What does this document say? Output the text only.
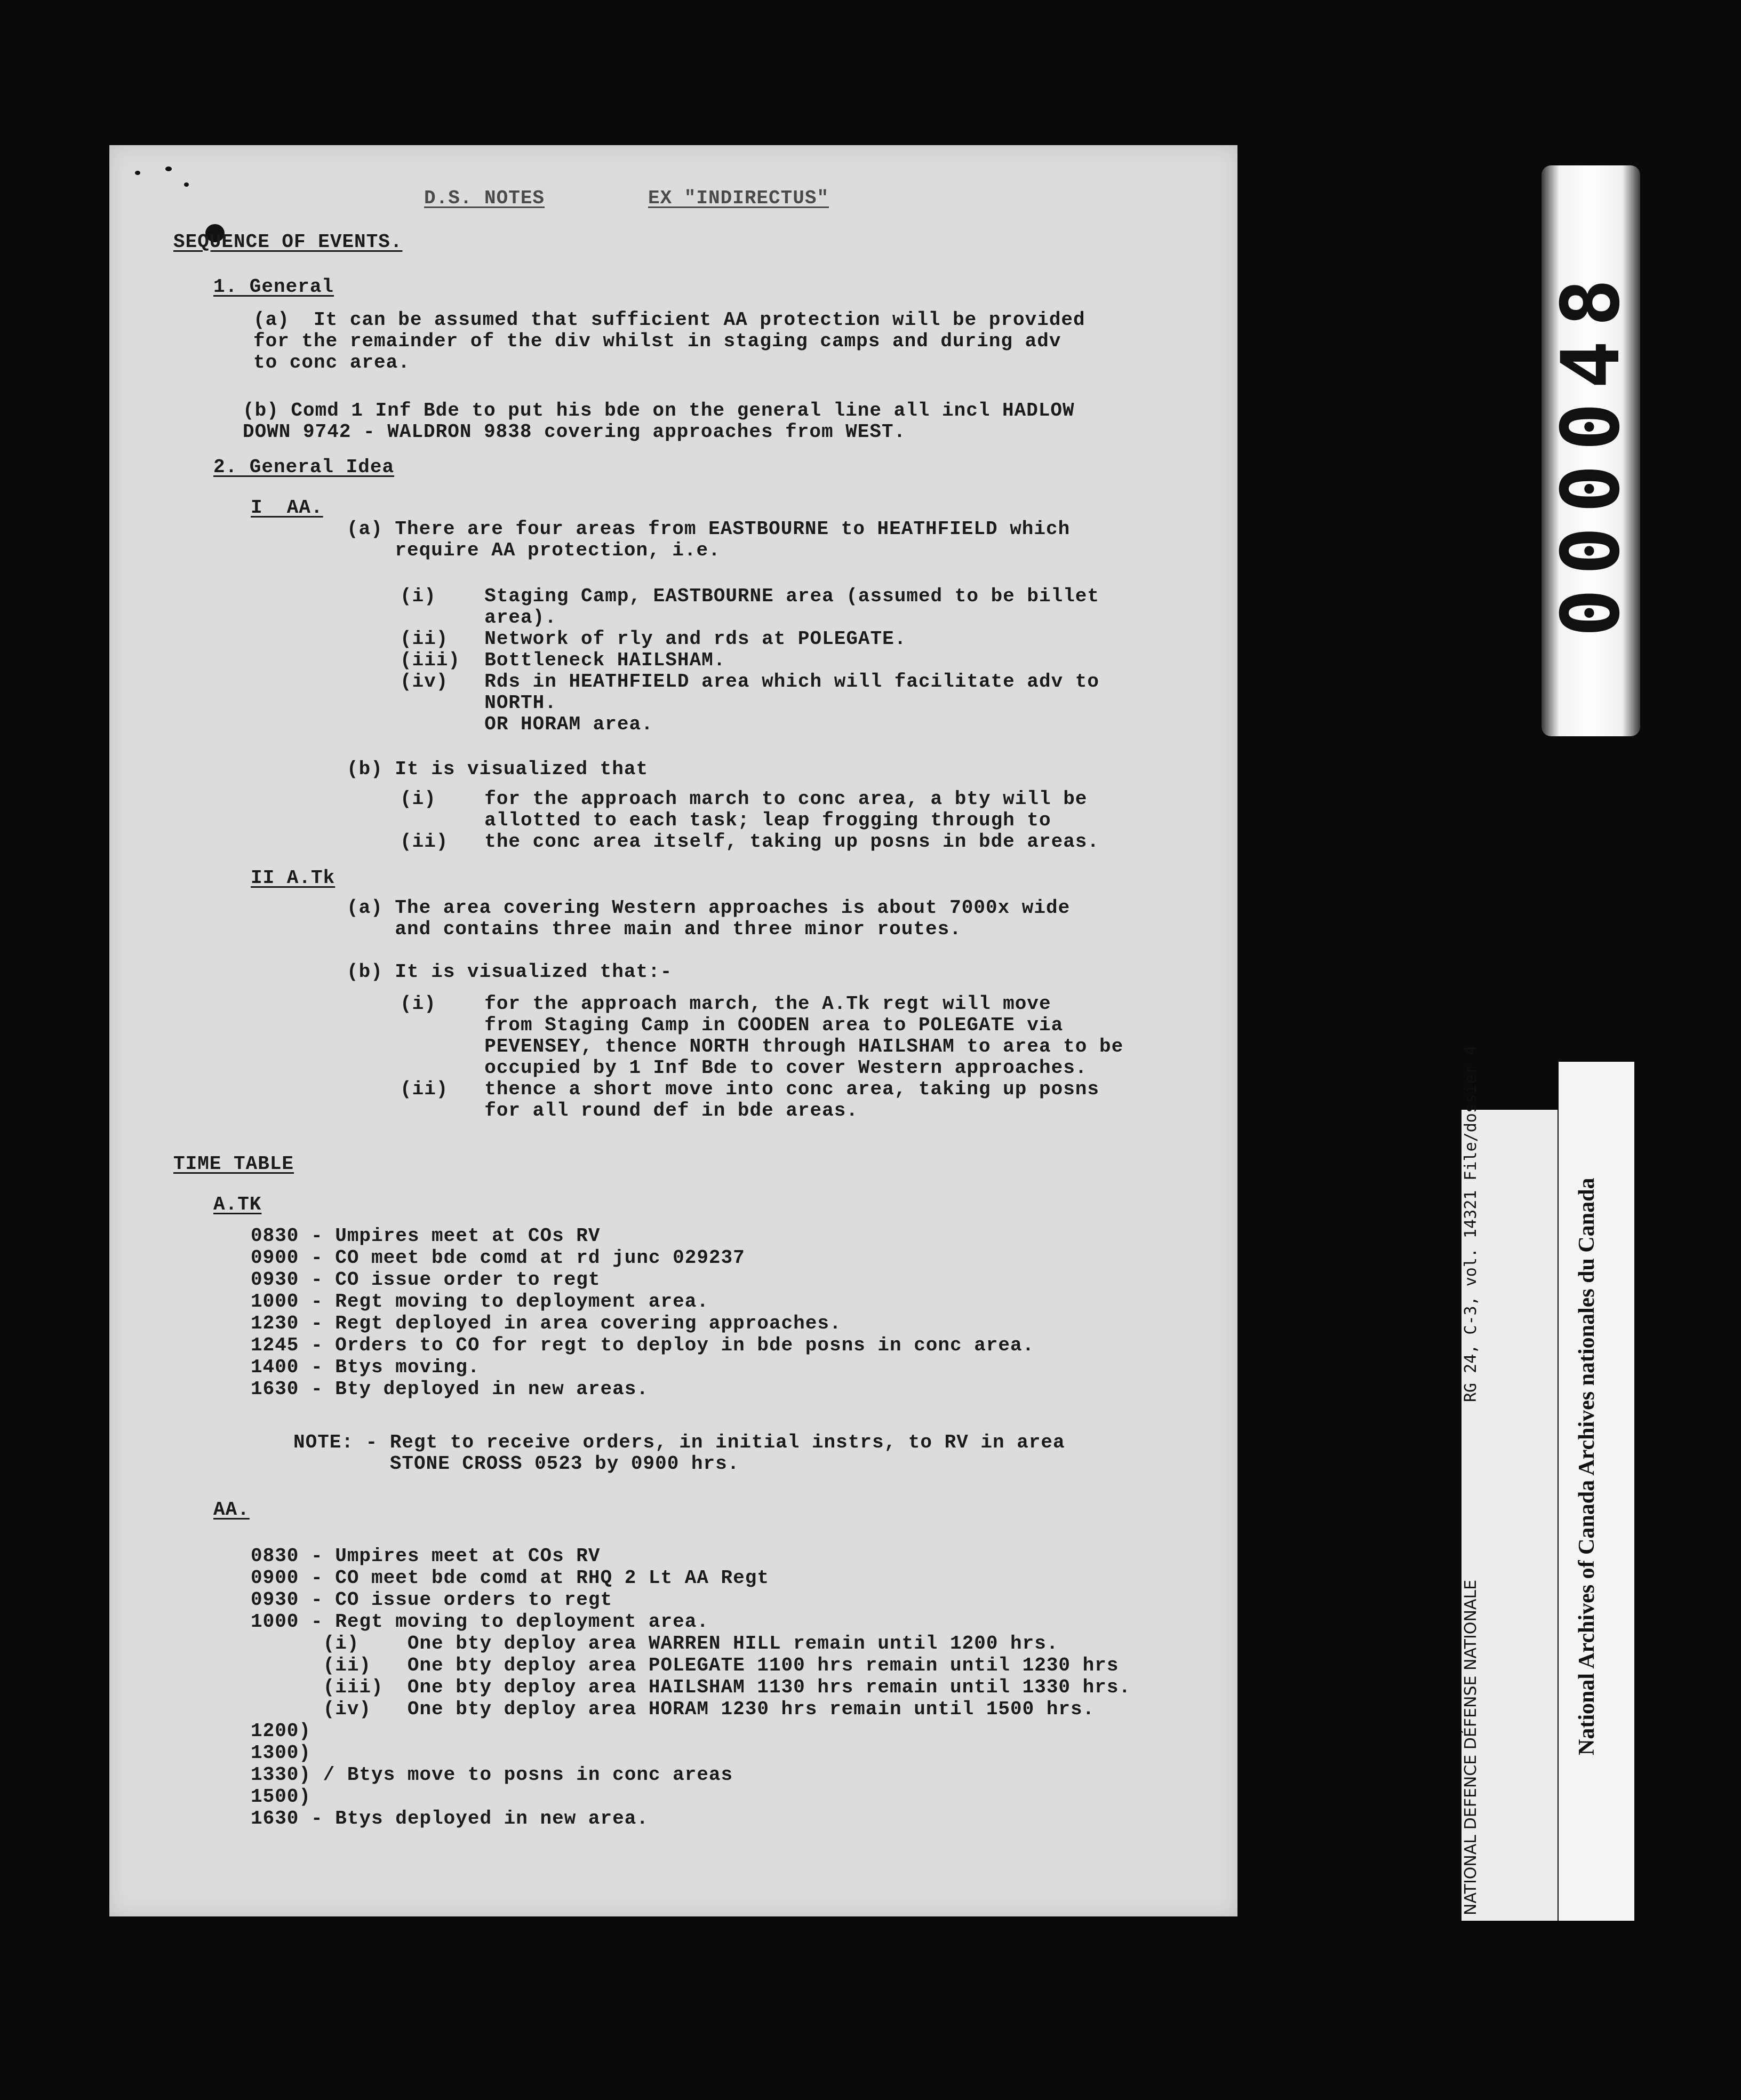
D.S. NOTES	EX "INDIRECTUS"
SEQUENCE OF EVENTS.
1. General
(a)  It can be assumed that sufficient AA protection will be provided
for the remainder of the div whilst in staging camps and during adv
to conc area.
(b) Comd 1 Inf Bde to put his bde on the general line all incl HADLOW
DOWN 9742 - WALDRON 9838 covering approaches from WEST.
2. General Idea
I  AA.
(a) There are four areas from EASTBOURNE to HEATHFIELD which
require AA protection, i.e.
(i)    Staging Camp, EASTBOURNE area (assumed to be billet
area).
(ii)   Network of rly and rds at POLEGATE.
(iii)  Bottleneck HAILSHAM.
(iv)   Rds in HEATHFIELD area which will facilitate adv to
NORTH.
OR HORAM area.
(b) It is visualized that
(i)    for the approach march to conc area, a bty will be
allotted to each task; leap frogging through to
(ii)   the conc area itself, taking up posns in bde areas.
II A.Tk
(a) The area covering Western approaches is about 7000x wide
and contains three main and three minor routes.
(b) It is visualized that:-
(i)    for the approach march, the A.Tk regt will move
from Staging Camp in COODEN area to POLEGATE via
PEVENSEY, thence NORTH through HAILSHAM to area to be
occupied by 1 Inf Bde to cover Western approaches.
(ii)   thence a short move into conc area, taking up posns
for all round def in bde areas.
TIME TABLE
A.TK
0830 - Umpires meet at COs RV
0900 - CO meet bde comd at rd junc 029237
0930 - CO issue order to regt
1000 - Regt moving to deployment area.
1230 - Regt deployed in area covering approaches.
1245 - Orders to CO for regt to deploy in bde posns in conc area.
1400 - Btys moving.
1630 - Bty deployed in new areas.
NOTE: - Regt to receive orders, in initial instrs, to RV in area
STONE CROSS 0523 by 0900 hrs.
AA.
0830 - Umpires meet at COs RV
0900 - CO meet bde comd at RHQ 2 Lt AA Regt
0930 - CO issue orders to regt
1000 - Regt moving to deployment area.
(i)    One bty deploy area WARREN HILL remain until 1200 hrs.
(ii)   One bty deploy area POLEGATE 1100 hrs remain until 1230 hrs
(iii)  One bty deploy area HAILSHAM 1130 hrs remain until 1330 hrs.
(iv)   One bty deploy area HORAM 1230 hrs remain until 1500 hrs.
1200)
1300)
1330) / Btys move to posns in conc areas
1500)
1630 - Btys deployed in new area.
000048
RG 24, C-3, vol. 14321 File/dossier 4
NATIONAL DEFENCE DÉFENSE NATIONALE	National Archives of Canada Archives nationales du Canada
